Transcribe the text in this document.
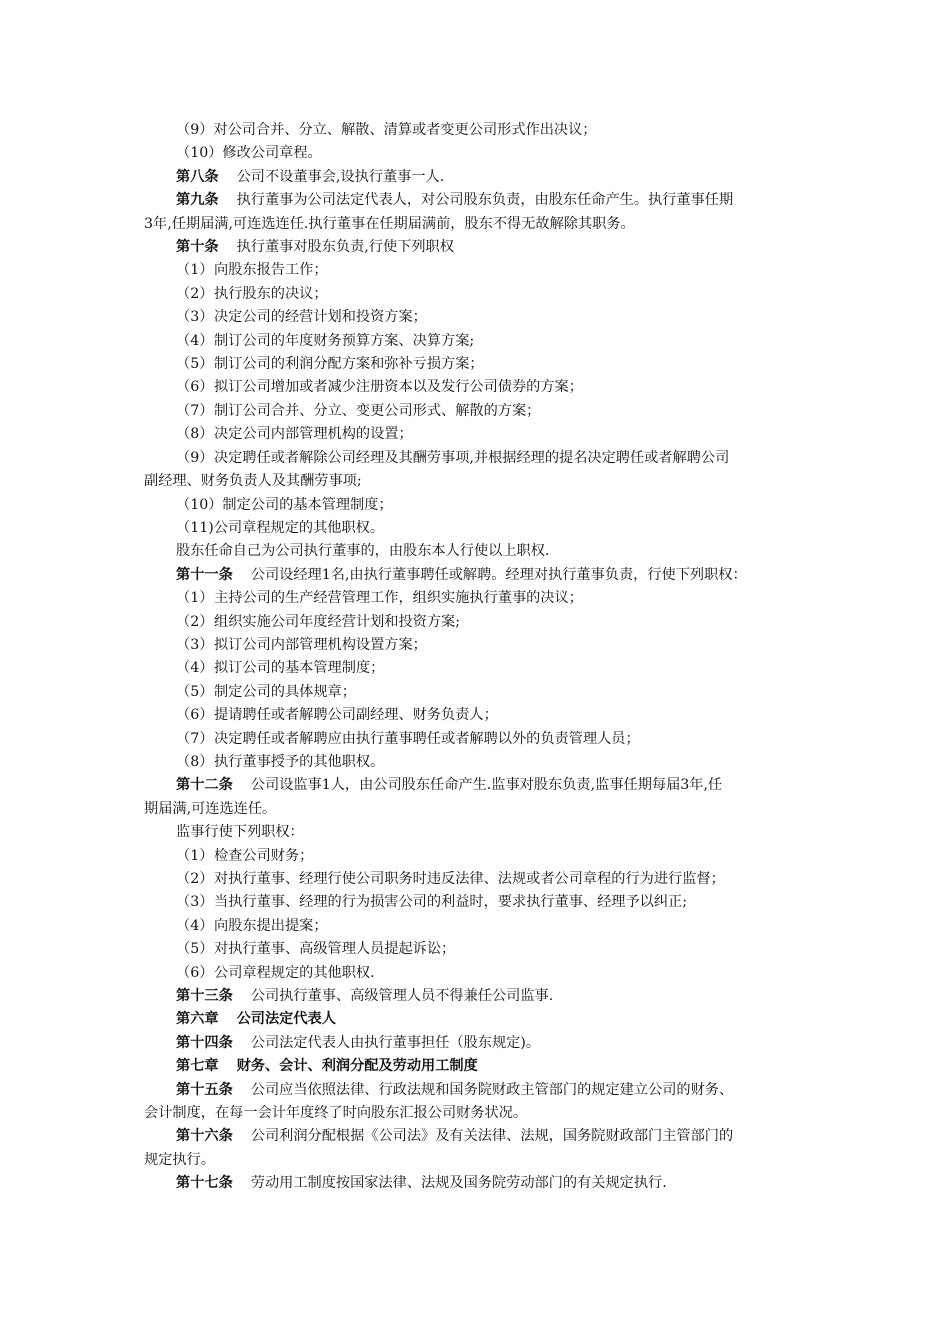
（9）对公司合并、分立、解散、清算或者变更公司形式作出决议；
（10）修改公司章程。
第八条 公司不设董事会,设执行董事一人.
第九条 执行董事为公司法定代表人，对公司股东负责，由股东任命产生。执行董事任期
3年,任期届满,可连选连任.执行董事在任期届满前，股东不得无故解除其职务。
第十条 执行董事对股东负责,行使下列职权
（1）向股东报告工作；
（2）执行股东的决议；
（3）决定公司的经营计划和投资方案；
（4）制订公司的年度财务预算方案、决算方案;
（5）制订公司的利润分配方案和弥补亏损方案；
（6）拟订公司增加或者减少注册资本以及发行公司债券的方案；
（7）制订公司合并、分立、变更公司形式、解散的方案；
（8）决定公司内部管理机构的设置；
（9）决定聘任或者解除公司经理及其酬劳事项,并根据经理的提名决定聘任或者解聘公司
副经理、财务负责人及其酬劳事项;
（10）制定公司的基本管理制度；
（11)公司章程规定的其他职权。
股东任命自己为公司执行董事的，由股东本人行使以上职权.
第十一条 公司设经理1名,由执行董事聘任或解聘。经理对执行董事负责，行使下列职权：
（1）主持公司的生产经营管理工作，组织实施执行董事的决议；
（2）组织实施公司年度经营计划和投资方案;
（3）拟订公司内部管理机构设置方案；
（4）拟订公司的基本管理制度；
（5）制定公司的具体规章；
（6）提请聘任或者解聘公司副经理、财务负责人；
（7）决定聘任或者解聘应由执行董事聘任或者解聘以外的负责管理人员；
（8）执行董事授予的其他职权。
第十二条 公司设监事1人，由公司股东任命产生.监事对股东负责,监事任期每届3年,任
期届满,可连选连任。
监事行使下列职权：
（1）检查公司财务；
（2）对执行董事、经理行使公司职务时违反法律、法规或者公司章程的行为进行监督；
（3）当执行董事、经理的行为损害公司的利益时，要求执行董事、经理予以纠正;
（4）向股东提出提案；
（5）对执行董事、高级管理人员提起诉讼；
（6）公司章程规定的其他职权.
第十三条 公司执行董事、高级管理人员不得兼任公司监事.
第六章 公司法定代表人
第十四条 公司法定代表人由执行董事担任（股东规定)。
第七章 财务、会计、利润分配及劳动用工制度
第十五条 公司应当依照法律、行政法规和国务院财政主管部门的规定建立公司的财务、
会计制度，在每一会计年度终了时向股东汇报公司财务状况。
第十六条 公司利润分配根据《公司法》及有关法律、法规，国务院财政部门主管部门的
规定执行。
第十七条 劳动用工制度按国家法律、法规及国务院劳动部门的有关规定执行.
